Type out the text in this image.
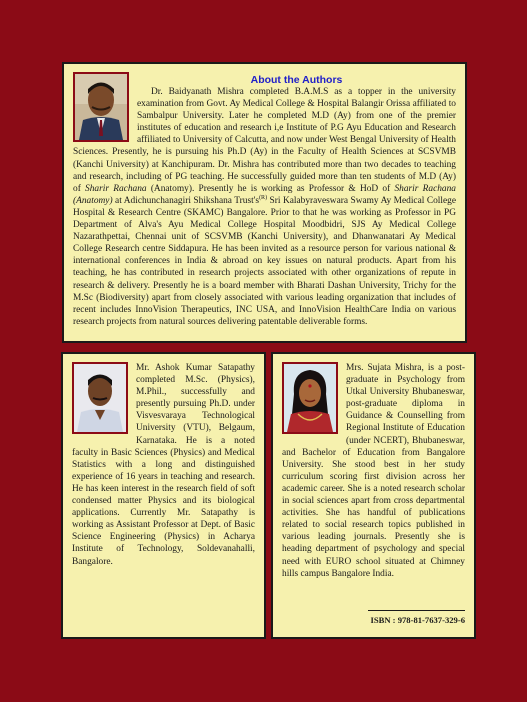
About the Authors

Dr. Baidyanath Mishra completed B.A.M.S as a topper in the university examination from Govt. Ay Medical College & Hospital Balangir Orissa affiliated to Sambalpur University. Later he completed M.D (Ay) from one of the premier institutes of education and research i,e Institute of P.G Ayu Education and Research affiliated to University of Calcutta, and now under West Bengal University of Health Sciences. Presently, he is pursuing his Ph.D (Ay) in the Faculty of Health Sciences at SCSVMB (Kanchi University) at Kanchipuram. Dr. Mishra has contributed more than two decades to teaching and research, including of PG teaching. He successfully guided more than ten students of M.D (Ay) of Sharir Rachana (Anatomy). Presently he is working as Professor & HoD of Sharir Rachana (Anatomy) at Adichunchanagiri Shikshana $Trust's^{(R)}$ Sri Kalabyraveswara Swamy Ay Medical College Hospital & Research Centre (SKAMC) Bangalore. Prior to that he was working as Professor in PG Department of Alva's Ayu Medical College Hospital Moodbidri, SJS Ay Medical College Nazarathpettai, Chennai unit of SCSVMB (Kanchi University), and Dhanwanatari Ay Medical College Research centre Siddapura. He has been invited as a resource person for various national & international conferences in India & abroad on key issues on natural products. Apart from his teaching, he has contributed in research projects associated with other organizations of repute in research & delivery. Presently he is a board member with Bharati Dashan University, Trichy for the M.Sc (Biodiversity) apart from closely associated with various leading organization that includes of recent includes InnoVision Therapeutics, INC USA, and InnoVision HealthCare India on various research projects from natural sources delivering patentable deliverable forms.

Mr. Ashok Kumar Satapathy completed M.Sc. (Physics), M.Phil., successfully and presently pursuing Ph.D. under Visvesvaraya Technological University (VTU), Belgaum, Karnataka. He is a noted faculty in Basic Sciences (Physics) and Medical Statistics with a long and distinguished experience of 16 years in teaching and research. He has keen interest in the research field of soft condensed matter Physics and its biological applications. Currently Mr. Satapathy is working as Assistant Professor at Dept. of Basic Science Engineering (Physics) in Acharya Institute of Technology, Soldevanahalli, Bangalore.

Mrs. Sujata Mishra, is a post-graduate in Psychology from Utkal University Bhubaneswar, post-graduate diploma in Guidance & Counselling from Regional Institute of Education (under NCERT), Bhubaneswar, and Bachelor of Education from Bangalore University. She stood best in her study curriculum scoring first division across her academic career. She is a noted research scholar in social sciences apart from cross departmental activities. She has handful of publications related to social research topics published in various leading journals. Presently she is heading department of psychology and special need with EURO school situated at Chimney hills campus Bangalore India.

ISBN : 978-81-7637-329-6
